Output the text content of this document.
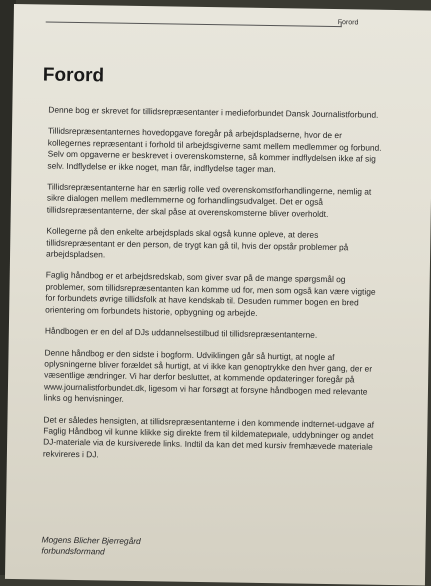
Forord
Forord

Denne bog er skrevet for tillidsrepræsentanter i medieforbundet Dansk Journalistforbund.

Tillidsrepræsentanternes hovedopgave foregår på arbejdspladserne, hvor de er kollegernes repræsentant i forhold til arbejdsgiverne samt mellem medlemmer og forbund. Selv om opgaverne er beskrevet i overenskomsterne, så kommer indflydelsen ikke af sig selv. Indflydelse er ikke noget, man får, indflydelse tager man.

Tillidsrepræsentanterne har en særlig rolle ved overenskomstforhandlingerne, nemlig at sikre dialogen mellem medlemmerne og forhandlingsudvalget. Det er også tillidsrepræsentanterne, der skal påse at overenskomsterne bliver overholdt.

Kollegerne på den enkelte arbejdsplads skal også kunne opleve, at deres tillidsrepræsentant er den person, de trygt kan gå til, hvis der opstår problemer på arbejdspladsen.

Faglig håndbog er et arbejdsredskab, som giver svar på de mange spørgsmål og problemer, som tillidsrepræsentanten kan komme ud for, men som også kan være vigtige for forbundets øvrige tillidsfolk at have kendskab til. Desuden rummer bogen en bred orientering om forbundets historie, opbygning og arbejde.

Håndbogen er en del af DJs uddannelsestilbud til tillidsrepræsentanterne.

Denne håndbog er den sidste i bogform. Udviklingen går så hurtigt, at nogle af oplysningerne bliver forældet så hurtigt, at vi ikke kan genoptrykke den hver gang, der er væsentlige ændringer. Vi har derfor besluttet, at kommende opdateringer foregår på www.journalistforbundet.dk, ligesom vi har forsøgt at forsyne håndbogen med relevante links og henvisninger.

Det er således hensigten, at tillidsrepræsentanterne i den kommende indternet-udgave af Faglig Håndbog vil kunne klikke sig direkte frem til kildematериale, uddybninger og andet DJ-materiale via de kursiverede links. Indtil da kan det med kursiv fremhævede materiale rekvireres i DJ.

Mogens Blicher Bjerregård
forbundsformand
